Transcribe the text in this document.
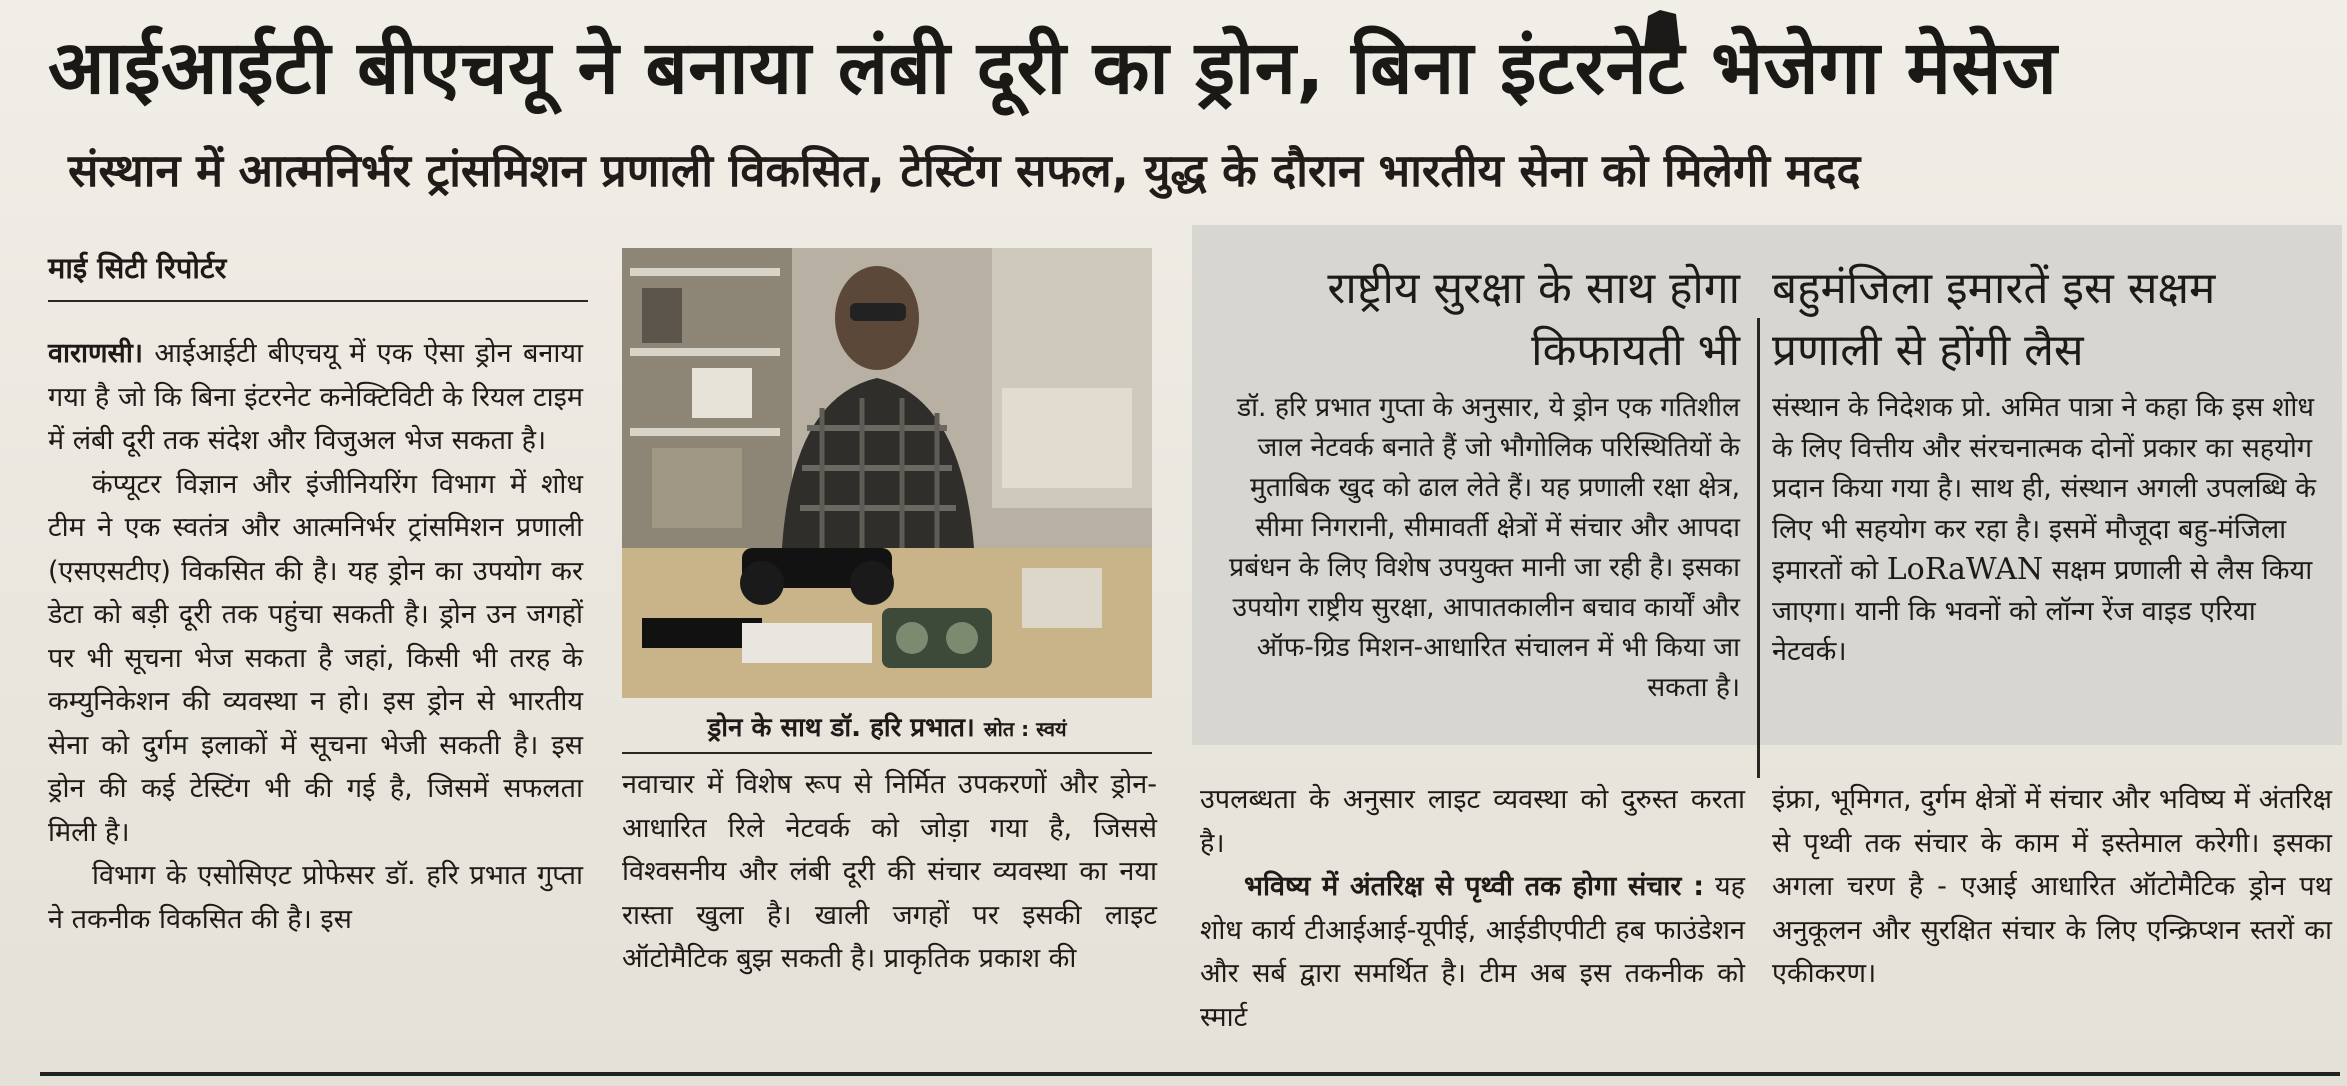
आईआईटी बीएचयू ने बनाया लंबी दूरी का ड्रोन, बिना इंटरनेट भेजेगा मेसेज
संस्थान में आत्मनिर्भर ट्रांसमिशन प्रणाली विकसित, टेस्टिंग सफल, युद्ध के दौरान भारतीय सेना को मिलेगी मदद
माई सिटी रिपोर्टर

वाराणसी। आईआईटी बीएचयू में एक ऐसा ड्रोन बनाया गया है जो कि बिना इंटरनेट कनेक्टिविटी के रियल टाइम में लंबी दूरी तक संदेश और विजुअल भेज सकता है।

कंप्यूटर विज्ञान और इंजीनियरिंग विभाग में शोध टीम ने एक स्वतंत्र और आत्मनिर्भर ट्रांसमिशन प्रणाली (एसएसटीए) विकसित की है। यह ड्रोन का उपयोग कर डेटा को बड़ी दूरी तक पहुंचा सकती है। ड्रोन उन जगहों पर भी सूचना भेज सकता है जहां, किसी भी तरह के कम्युनिकेशन की व्यवस्था न हो। इस ड्रोन से भारतीय सेना को दुर्गम इलाकों में सूचना भेजी सकती है। इस ड्रोन की कई टेस्टिंग भी की गई है, जिसमें सफलता मिली है।

विभाग के एसोसिएट प्रोफेसर डॉ. हरि प्रभात गुप्ता ने तकनीक विकसित की है। इस

ड्रोन के साथ डॉ. हरि प्रभात। स्रोत : स्वयं

नवाचार में विशेष रूप से निर्मित उपकरणों और ड्रोन-आधारित रिले नेटवर्क को जोड़ा गया है, जिससे विश्वसनीय और लंबी दूरी की संचार व्यवस्था का नया रास्ता खुला है। खाली जगहों पर इसकी लाइट ऑटोमैटिक बुझ सकती है। प्राकृतिक प्रकाश की

राष्ट्रीय सुरक्षा के साथ होगा किफायती भी
डॉ. हरि प्रभात गुप्ता के अनुसार, ये ड्रोन एक गतिशील जाल नेटवर्क बनाते हैं जो भौगोलिक परिस्थितियों के मुताबिक खुद को ढाल लेते हैं। यह प्रणाली रक्षा क्षेत्र, सीमा निगरानी, सीमावर्ती क्षेत्रों में संचार और आपदा प्रबंधन के लिए विशेष उपयुक्त मानी जा रही है। इसका उपयोग राष्ट्रीय सुरक्षा, आपातकालीन बचाव कार्यों और ऑफ-ग्रिड मिशन-आधारित संचालन में भी किया जा सकता है।
बहुमंजिला इमारतें इस सक्षम प्रणाली से होंगी लैस
संस्थान के निदेशक प्रो. अमित पात्रा ने कहा कि इस शोध के लिए वित्तीय और संरचनात्मक दोनों प्रकार का सहयोग प्रदान किया गया है। साथ ही, संस्थान अगली उपलब्धि के लिए भी सहयोग कर रहा है। इसमें मौजूदा बहु-मंजिला इमारतों को LoRaWAN सक्षम प्रणाली से लैस किया जाएगा। यानी कि भवनों को लॉन्ग रेंज वाइड एरिया नेटवर्क।

उपलब्धता के अनुसार लाइट व्यवस्था को दुरुस्त करता है।

भविष्य में अंतरिक्ष से पृथ्वी तक होगा संचार : यह शोध कार्य टीआईआई-यूपीई, आईडीएपीटी हब फाउंडेशन और सर्ब द्वारा समर्थित है। टीम अब इस तकनीक को स्मार्ट

इंफ्रा, भूमिगत, दुर्गम क्षेत्रों में संचार और भविष्य में अंतरिक्ष से पृथ्वी तक संचार के काम में इस्तेमाल करेगी। इसका अगला चरण है - एआई आधारित ऑटोमैटिक ड्रोन पथ अनुकूलन और सुरक्षित संचार के लिए एन्क्रिप्शन स्तरों का एकीकरण।
